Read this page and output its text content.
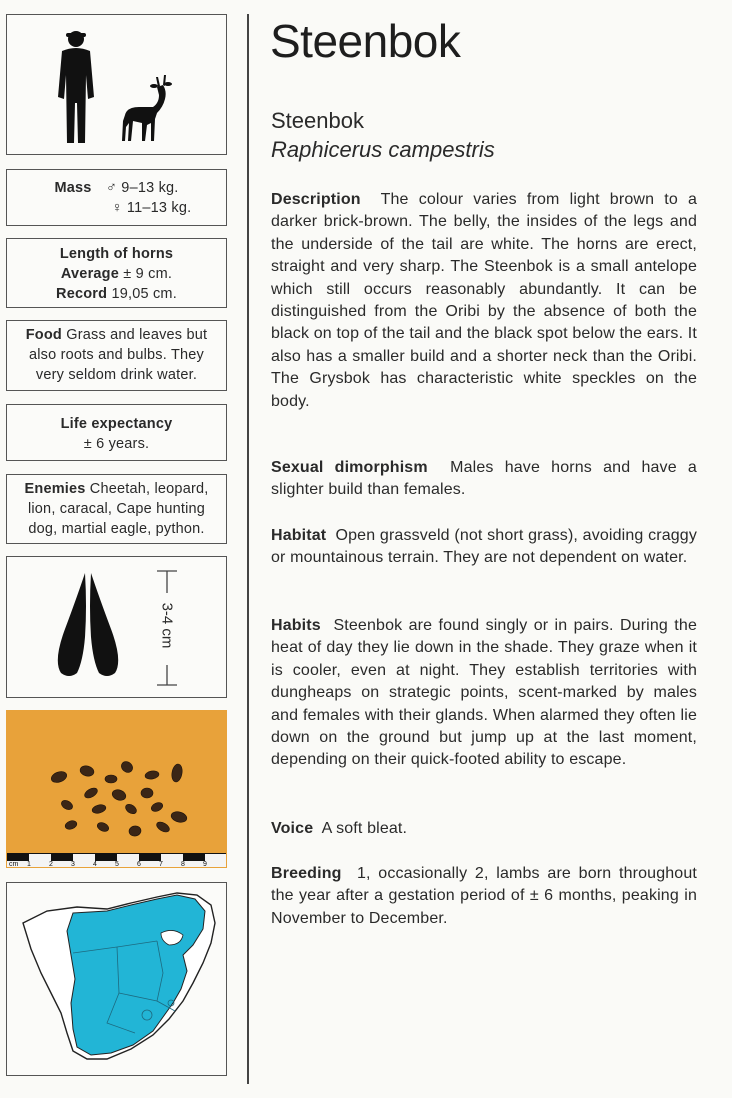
Mass ♂ 9–13 kg.
♀ 11–13 kg.
Length of horns
Average ± 9 cm.
Record 19,05 cm.
Food Grass and leaves but also roots and bulbs. They very seldom drink water.
Life expectancy
± 6 years.
Enemies Cheetah, leopard, lion, caracal, Cape hunting dog, martial eagle, python.
3-4 cm
cm 1	2	3	4	5	6	7	8	9
Steenbok
Steenbok
Raphicerus campestris

Description The colour varies from light brown to a darker brick-brown. The belly, the insides of the legs and the underside of the tail are white. The horns are erect, straight and very sharp. The Steenbok is a small antelope which still occurs reasonably abundantly. It can be distinguished from the Oribi by the absence of both the black on top of the tail and the black spot below the ears. It also has a smaller build and a shorter neck than the Oribi. The Grysbok has characteristic white speckles on the body.

Sexual dimorphism Males have horns and have a slighter build than females.

Habitat Open grassveld (not short grass), avoiding craggy or mountainous terrain. They are not dependent on water.

Habits Steenbok are found singly or in pairs. During the heat of day they lie down in the shade. They graze when it is cooler, even at night. They establish territories with dungheaps on strategic points, scent-marked by males and females with their glands. When alarmed they often lie down on the ground but jump up at the last moment, depending on their quick-footed ability to escape.

Voice A soft bleat.

Breeding 1, occasionally 2, lambs are born throughout the year after a gestation period of ± 6 months, peaking in November to December.
